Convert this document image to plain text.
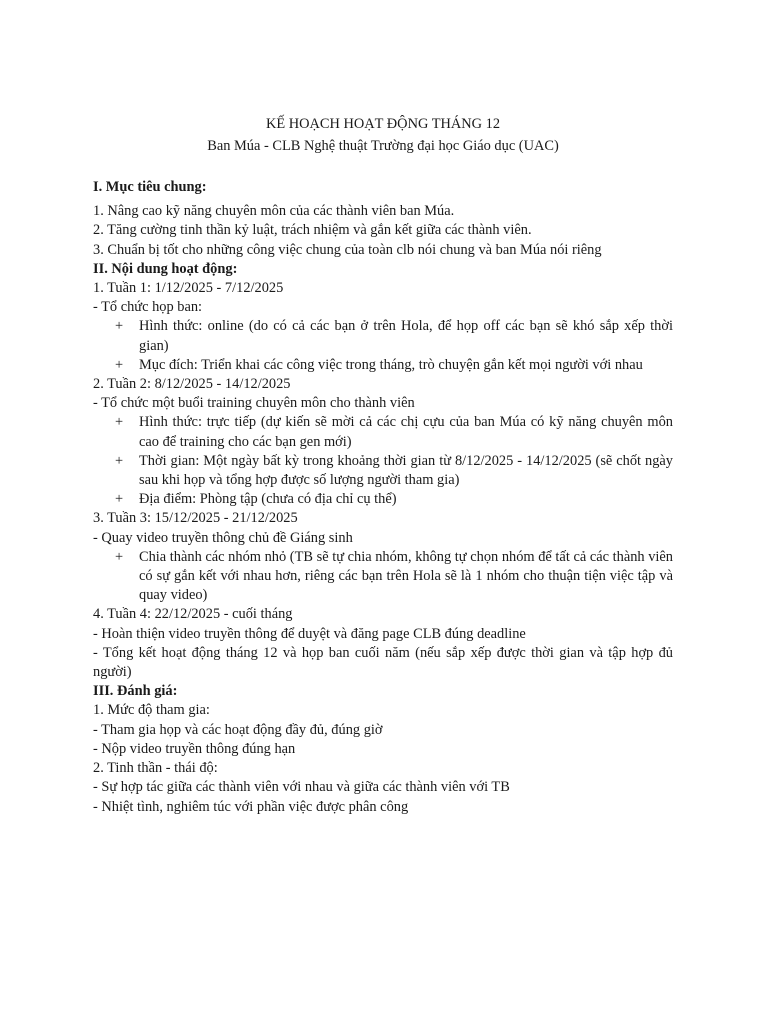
KẾ HOẠCH HOẠT ĐỘNG THÁNG 12

Ban Múa - CLB Nghệ thuật Trường đại học Giáo dục (UAC)

I. Mục tiêu chung:

1. Nâng cao kỹ năng chuyên môn của các thành viên ban Múa.

2. Tăng cường tinh thần kỷ luật, trách nhiệm và gắn kết giữa các thành viên.

3. Chuẩn bị tốt cho những công việc chung của toàn clb nói chung và ban Múa nói riêng

II. Nội dung hoạt động:

1. Tuần 1: 1/12/2025 - 7/12/2025

- Tổ chức họp ban:

+ Hình thức: online (do có cả các bạn ở trên Hola, để họp off các bạn sẽ khó sắp xếp thời gian)

+ Mục đích: Triển khai các công việc trong tháng, trò chuyện gắn kết mọi người với nhau

2. Tuần 2: 8/12/2025 - 14/12/2025

- Tổ chức một buổi training chuyên môn cho thành viên

+ Hình thức: trực tiếp (dự kiến sẽ mời cả các chị cựu của ban Múa có kỹ năng chuyên môn cao để training cho các bạn gen mới)

+ Thời gian: Một ngày bất kỳ trong khoảng thời gian từ 8/12/2025 - 14/12/2025 (sẽ chốt ngày sau khi họp và tổng hợp được số lượng người tham gia)

+ Địa điểm: Phòng tập (chưa có địa chỉ cụ thể)

3. Tuần 3: 15/12/2025 - 21/12/2025

- Quay video truyền thông chủ đề Giáng sinh

+ Chia thành các nhóm nhỏ (TB sẽ tự chia nhóm, không tự chọn nhóm để tất cả các thành viên có sự gắn kết với nhau hơn, riêng các bạn trên Hola sẽ là 1 nhóm cho thuận tiện việc tập và quay video)

4. Tuần 4: 22/12/2025 - cuối tháng

- Hoàn thiện video truyền thông để duyệt và đăng page CLB đúng deadline

- Tổng kết hoạt động tháng 12 và họp ban cuối năm (nếu sắp xếp được thời gian và tập hợp đủ người)

III. Đánh giá:

1. Mức độ tham gia:

- Tham gia họp và các hoạt động đầy đủ, đúng giờ

- Nộp video truyền thông đúng hạn

2. Tinh thần - thái độ:

- Sự hợp tác giữa các thành viên với nhau và giữa các thành viên với TB

- Nhiệt tình, nghiêm túc với phần việc được phân công
